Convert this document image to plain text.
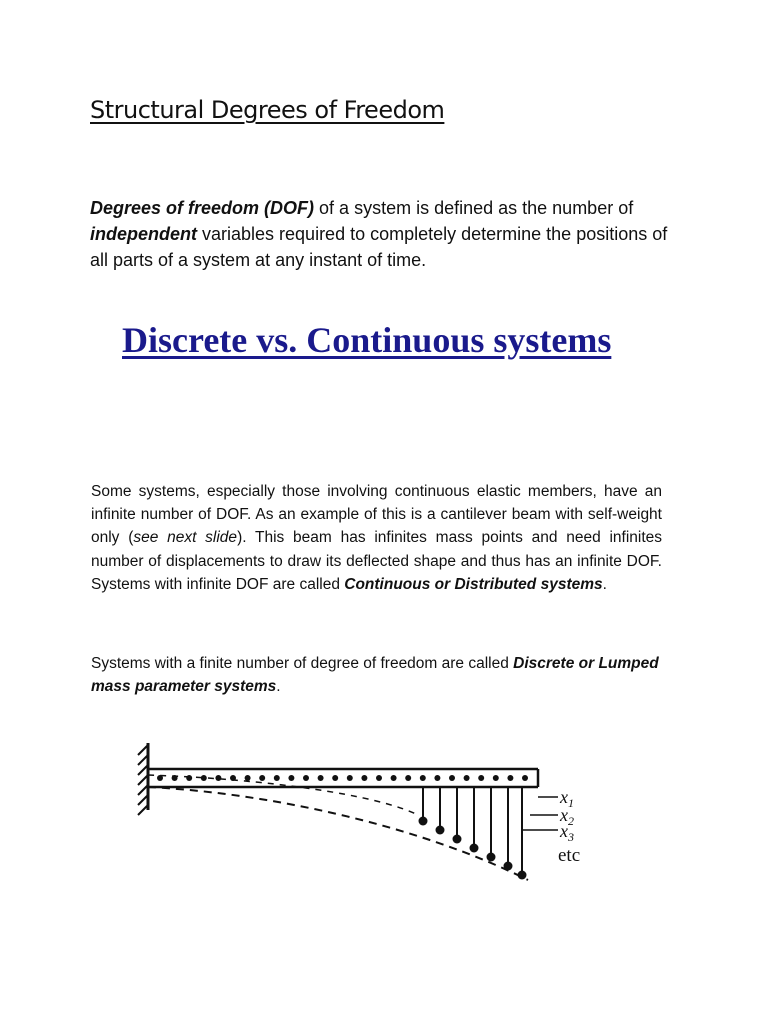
Structural Degrees of Freedom

Degrees of freedom (DOF) of a system is defined as the number of independent variables required to completely determine the positions of all parts of a system at any instant of time.

Discrete vs. Continuous systems

Some systems, especially those involving continuous elastic members, have an infinite number of DOF. As an example of this is a cantilever beam with self-weight only (see next slide). This beam has infinites mass points and need infinites number of displacements to draw its deflected shape and thus has an infinite DOF. Systems with infinite DOF are called Continuous or Distributed systems.

Systems with a finite number of degree of freedom are called Discrete or Lumped mass parameter systems.

$x_1$
$x_2$
$x_3$
etc
